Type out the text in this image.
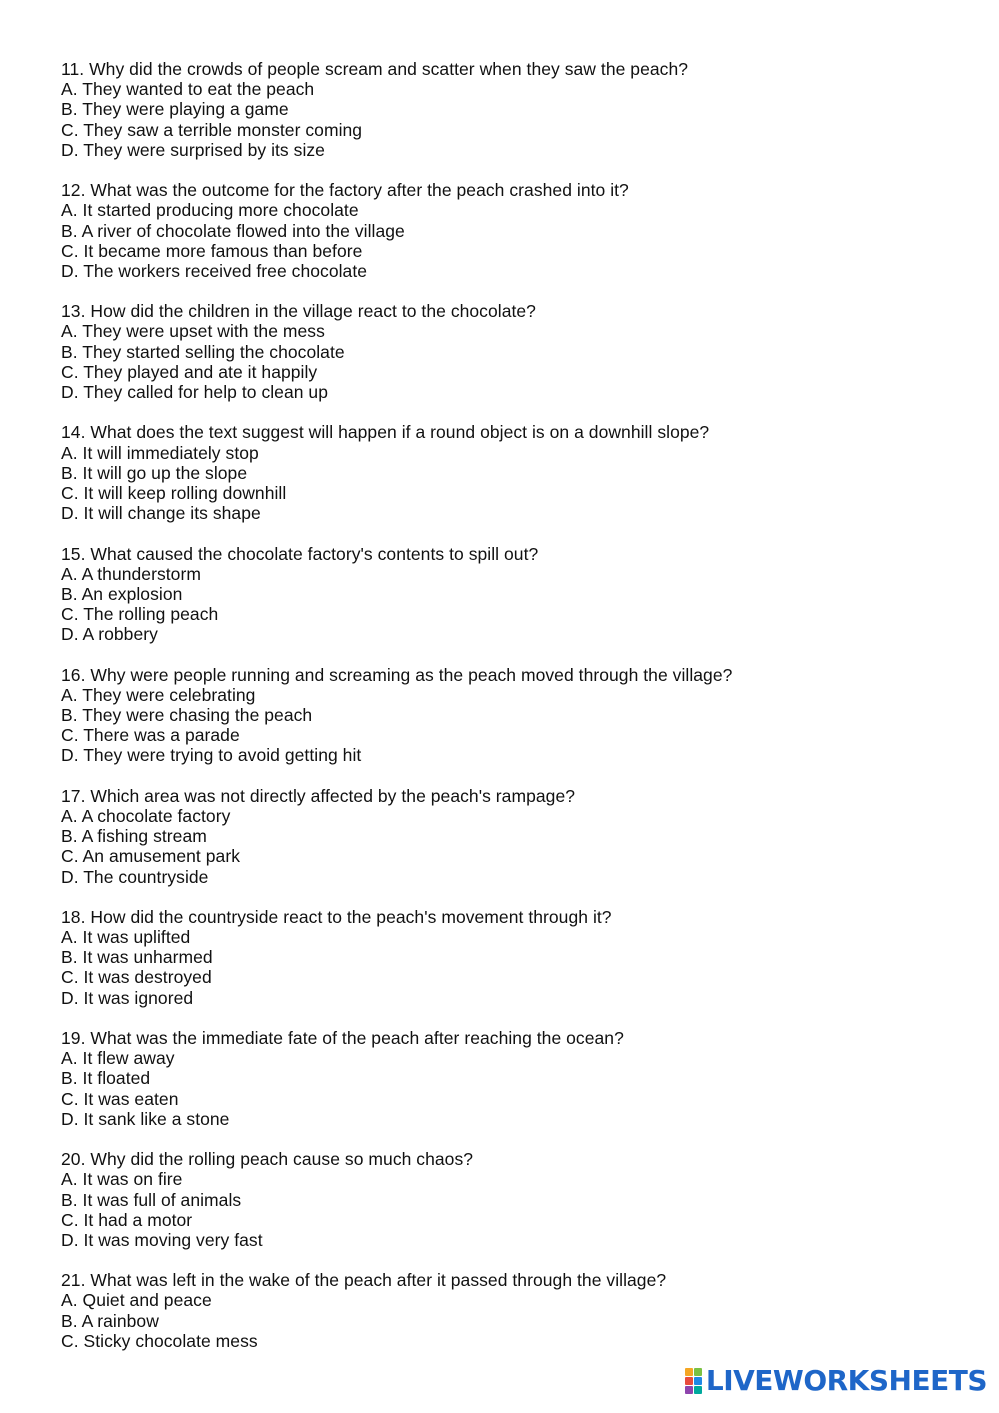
11. Why did the crowds of people scream and scatter when they saw the peach?
A. They wanted to eat the peach
B. They were playing a game
C. They saw a terrible monster coming
D. They were surprised by its size
12. What was the outcome for the factory after the peach crashed into it?
A. It started producing more chocolate
B. A river of chocolate flowed into the village
C. It became more famous than before
D. The workers received free chocolate
13. How did the children in the village react to the chocolate?
A. They were upset with the mess
B. They started selling the chocolate
C. They played and ate it happily
D. They called for help to clean up
14. What does the text suggest will happen if a round object is on a downhill slope?
A. It will immediately stop
B. It will go up the slope
C. It will keep rolling downhill
D. It will change its shape
15. What caused the chocolate factory's contents to spill out?
A. A thunderstorm
B. An explosion
C. The rolling peach
D. A robbery
16. Why were people running and screaming as the peach moved through the village?
A. They were celebrating
B. They were chasing the peach
C. There was a parade
D. They were trying to avoid getting hit
17. Which area was not directly affected by the peach's rampage?
A. A chocolate factory
B. A fishing stream
C. An amusement park
D. The countryside
18. How did the countryside react to the peach's movement through it?
A. It was uplifted
B. It was unharmed
C. It was destroyed
D. It was ignored
19. What was the immediate fate of the peach after reaching the ocean?
A. It flew away
B. It floated
C. It was eaten
D. It sank like a stone
20. Why did the rolling peach cause so much chaos?
A. It was on fire
B. It was full of animals
C. It had a motor
D. It was moving very fast
21. What was left in the wake of the peach after it passed through the village?
A. Quiet and peace
B. A rainbow
C. Sticky chocolate mess
LIVEWORKSHEETS
